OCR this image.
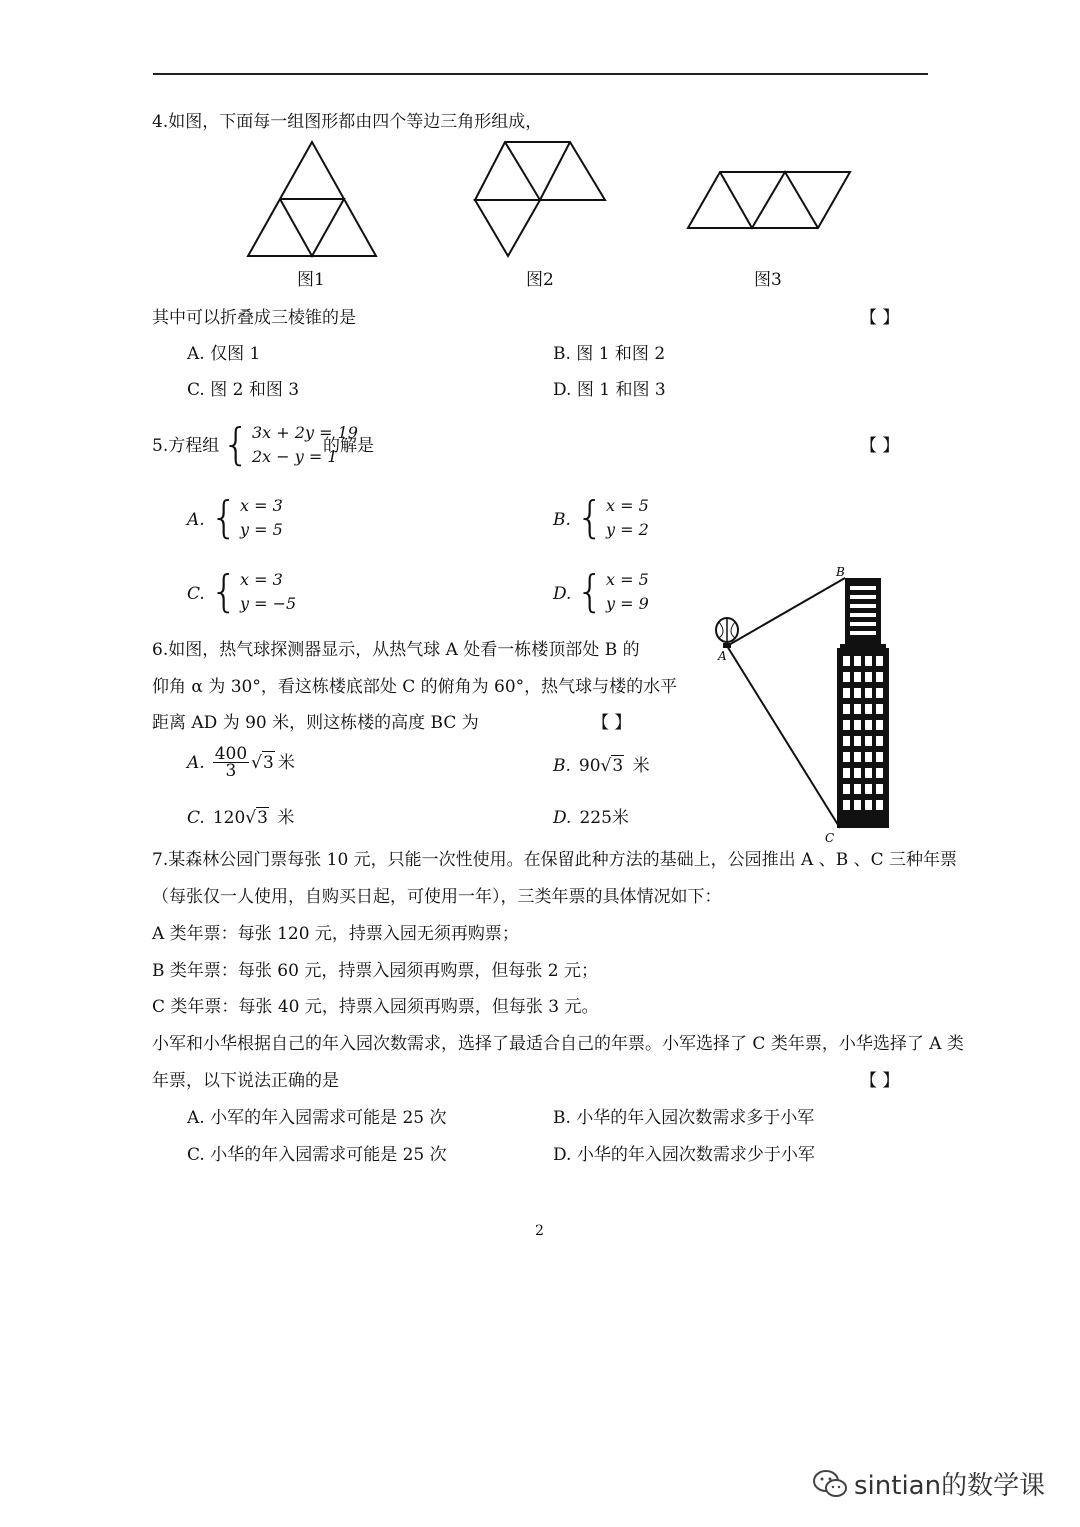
4.如图，下面每一组图形都由四个等边三角形组成，
图1	图2	图3
其中可以折叠成三棱锥的是	【 】
A. 仅图 1	B. 图 1 和图 2
C. 图 2 和图 3	D. 图 1 和图 3
5.方程组 { 3x + 2y = 19
2x − y = 1
的解是	【 】
A. { x = 3
y = 5	B. { x = 5
y = 2
C. { x = 3
y = −5	D. { x = 5
y = 9
6.如图，热气球探测器显示，从热气球 A 处看一栋楼顶部处 B 的
仰角 α 为 30°，看这栋楼底部处 C 的俯角为 60°，热气球与楼的水平
距离 AD 为 90 米，则这栋楼的高度 BC 为	【 】
A. $\frac{400}{3}$ √ 3 米	B. 90√3 米
C. 120√3 米	D. 225米
A
B
C
7.某森林公园门票每张 10 元，只能一次性使用。在保留此种方法的基础上，公园推出 A 、B 、C 三种年票
（每张仅一人使用，自购买日起，可使用一年），三类年票的具体情况如下：
A 类年票：每张 120 元，持票入园无须再购票；
B 类年票：每张 60 元，持票入园须再购票，但每张 2 元；
C 类年票：每张 40 元，持票入园须再购票，但每张 3 元。
小军和小华根据自己的年入园次数需求，选择了最适合自己的年票。小军选择了 C 类年票，小华选择了 A 类
年票，以下说法正确的是	【 】
A. 小军的年入园需求可能是 25 次	B. 小华的年入园次数需求多于小军
C. 小华的年入园需求可能是 25 次	D. 小华的年入园次数需求少于小军
2
sintian的数学课
